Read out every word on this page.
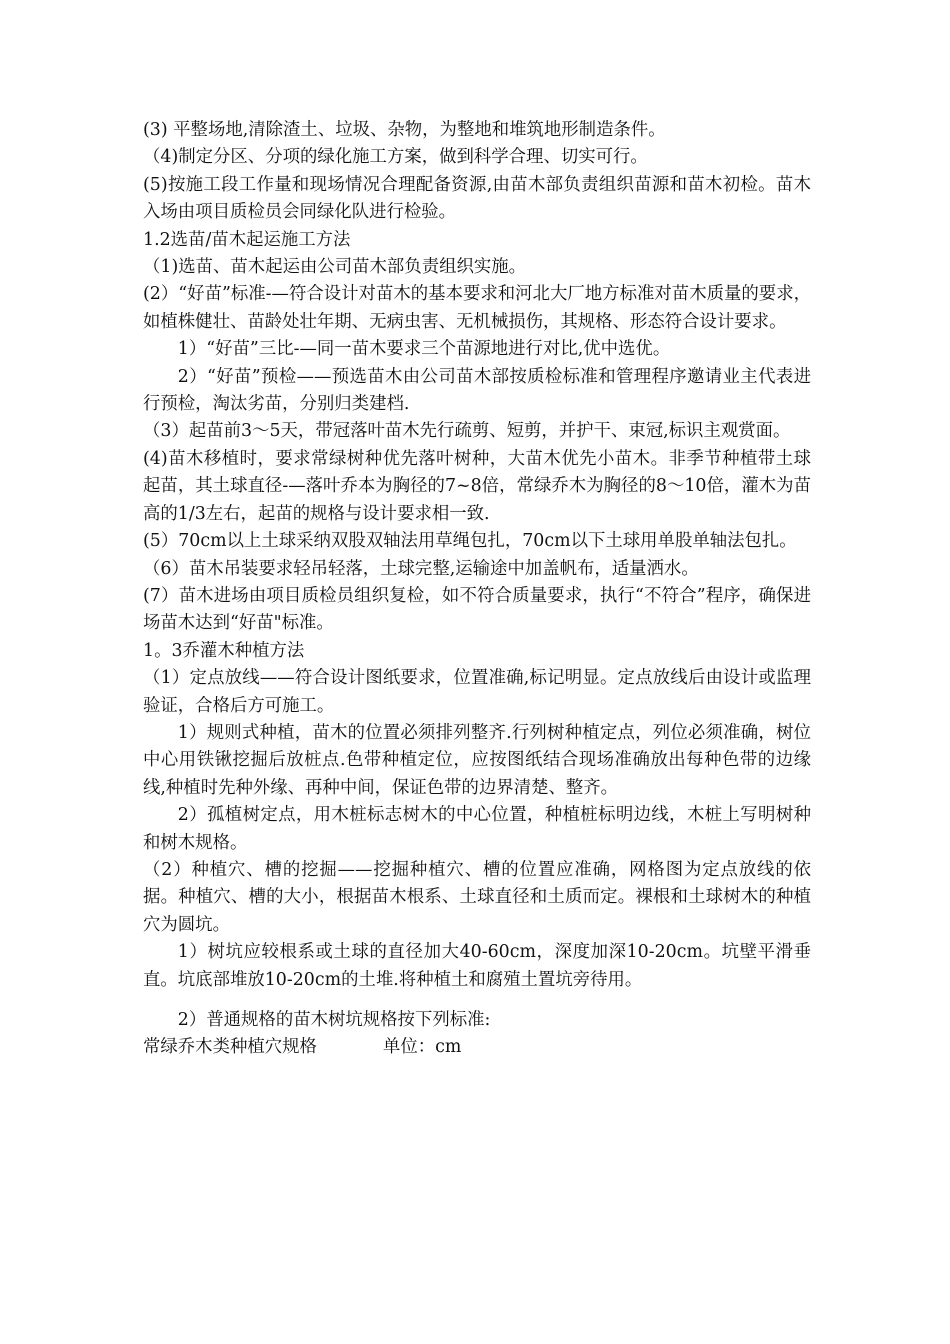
(3) 平整场地,清除渣土、垃圾、杂物，为整地和堆筑地形制造条件。

（4)制定分区、分项的绿化施工方案，做到科学合理、切实可行。

(5)按施工段工作量和现场情况合理配备资源,由苗木部负责组织苗源和苗木初检。苗木入场由项目质检员会同绿化队进行检验。

1.2选苗/苗木起运施工方法

（1)选苗、苗木起运由公司苗木部负责组织实施。

(2）“好苗”标准-—符合设计对苗木的基本要求和河北大厂地方标准对苗木质量的要求，如植株健壮、苗龄处壮年期、无病虫害、无机械损伤，其规格、形态符合设计要求。

1）“好苗”三比-—同一苗木要求三个苗源地进行对比,优中选优。

2）“好苗”预检——预选苗木由公司苗木部按质检标准和管理程序邀请业主代表进行预检，淘汰劣苗，分别归类建档.

（3）起苗前3～5天，带冠落叶苗木先行疏剪、短剪，并护干、束冠,标识主观赏面。

(4)苗木移植时，要求常绿树种优先落叶树种，大苗木优先小苗木。非季节种植带土球起苗，其土球直径-—落叶乔本为胸径的7~8倍，常绿乔木为胸径的8～10倍，灌木为苗高的1/3左右，起苗的规格与设计要求相一致.

(5）70cm以上土球采纳双股双轴法用草绳包扎，70cm以下土球用单股单轴法包扎。

（6）苗木吊装要求轻吊轻落，土球完整,运输途中加盖帆布，适量洒水。

(7）苗木进场由项目质检员组织复检，如不符合质量要求，执行“不符合”程序，确保进场苗木达到“好苗"标准。

1。3乔灌木种植方法

（1）定点放线——符合设计图纸要求，位置准确,标记明显。定点放线后由设计或监理验证，合格后方可施工。

1）规则式种植，苗木的位置必须排列整齐.行列树种植定点，列位必须准确，树位中心用铁锹挖掘后放桩点.色带种植定位，应按图纸结合现场准确放出每种色带的边缘线,种植时先种外缘、再种中间，保证色带的边界清楚、整齐。

2）孤植树定点，用木桩标志树木的中心位置，种植桩标明边线，木桩上写明树种和树木规格。

（2）种植穴、槽的挖掘——挖掘种植穴、槽的位置应准确，网格图为定点放线的依据。种植穴、槽的大小，根据苗木根系、土球直径和土质而定。裸根和土球树木的种植穴为圆坑。

1）树坑应较根系或土球的直径加大40-60cm，深度加深10-20cm。坑壁平滑垂直。坑底部堆放10-20cm的土堆.将种植土和腐殖土置坑旁待用。

2）普通规格的苗木树坑规格按下列标准:

常绿乔木类种植穴规格	单位：cm
